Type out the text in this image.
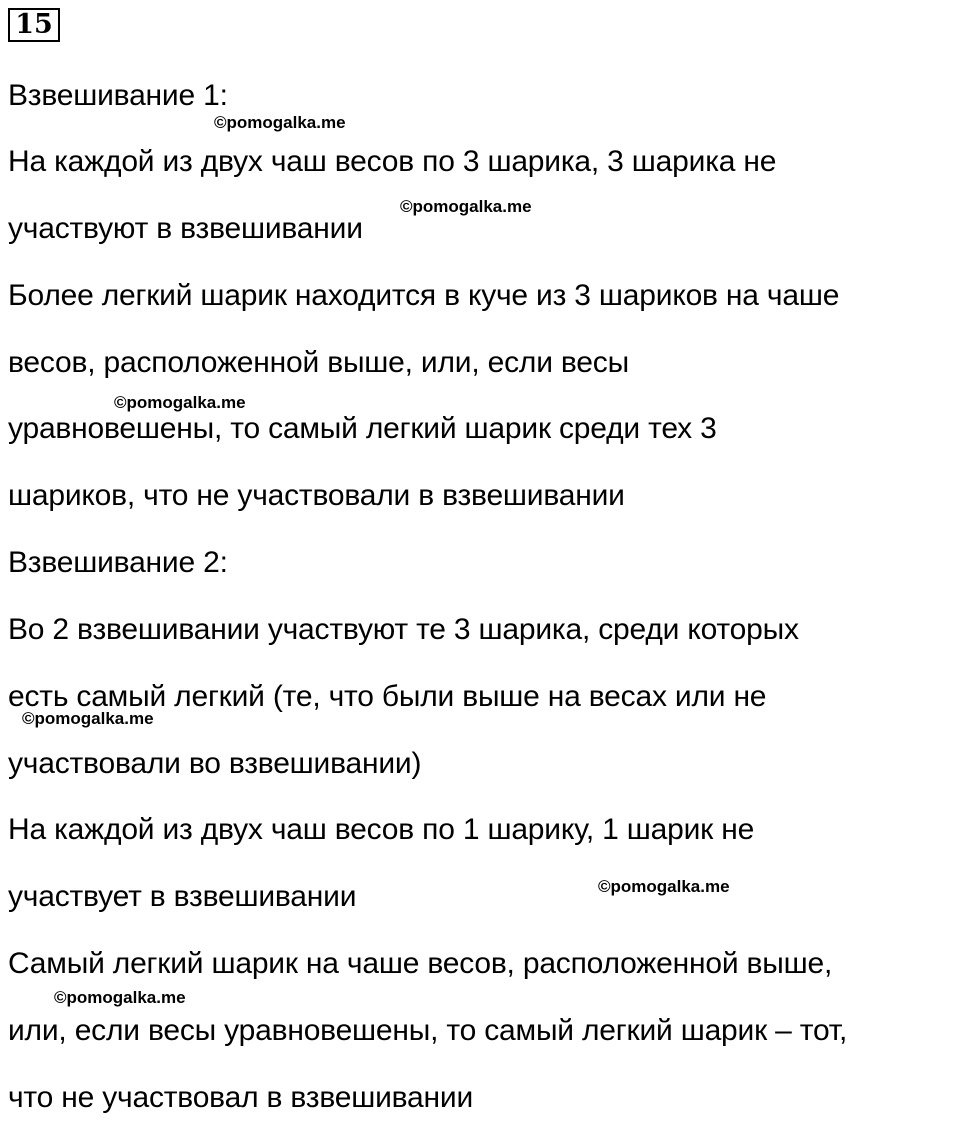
15
Взвешивание 1:
На каждой из двух чаш весов по 3 шарика, 3 шарика не
участвуют в взвешивании
Более легкий шарик находится в куче из 3 шариков на чаше
весов, расположенной выше, или, если весы
уравновешены, то самый легкий шарик среди тех 3
шариков, что не участвовали в взвешивании
Взвешивание 2:
Во 2 взвешивании участвуют те 3 шарика, среди которых
есть самый легкий (те, что были выше на весах или не
участвовали во взвешивании)
На каждой из двух чаш весов по 1 шарику, 1 шарик не
участвует в взвешивании
Самый легкий шарик на чаше весов, расположенной выше,
или, если весы уравновешены, то самый легкий шарик – тот,
что не участвовал в взвешивании
©pomogalka.me
©pomogalka.me
©pomogalka.me
©pomogalka.me
©pomogalka.me
©pomogalka.me
